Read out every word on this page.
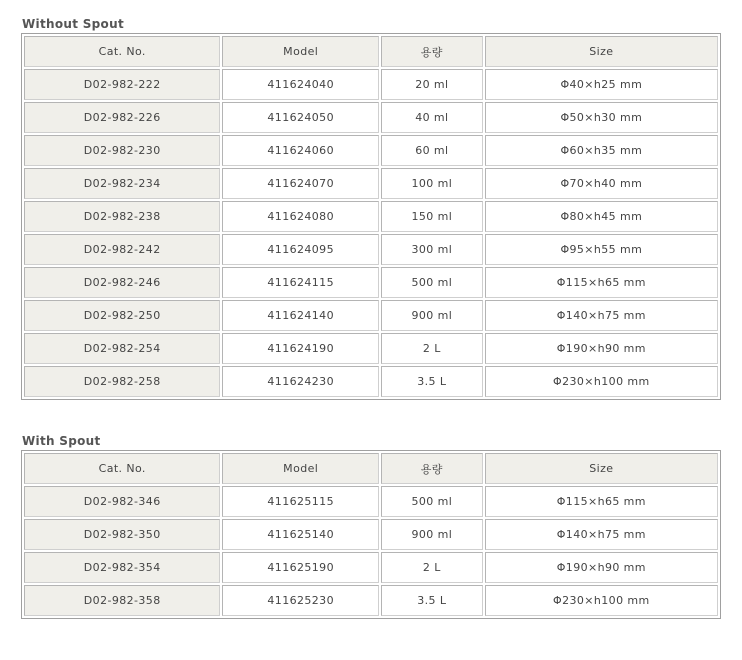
Without Spout
Cat. No.	Model	용량	Size
D02-982-222	411624040	20 ml	Φ40×h25 mm
D02-982-226	411624050	40 ml	Φ50×h30 mm
D02-982-230	411624060	60 ml	Φ60×h35 mm
D02-982-234	411624070	100 ml	Φ70×h40 mm
D02-982-238	411624080	150 ml	Φ80×h45 mm
D02-982-242	411624095	300 ml	Φ95×h55 mm
D02-982-246	411624115	500 ml	Φ115×h65 mm
D02-982-250	411624140	900 ml	Φ140×h75 mm
D02-982-254	411624190	2 L	Φ190×h90 mm
D02-982-258	411624230	3.5 L	Φ230×h100 mm
With Spout
Cat. No.	Model	용량	Size
D02-982-346	411625115	500 ml	Φ115×h65 mm
D02-982-350	411625140	900 ml	Φ140×h75 mm
D02-982-354	411625190	2 L	Φ190×h90 mm
D02-982-358	411625230	3.5 L	Φ230×h100 mm
